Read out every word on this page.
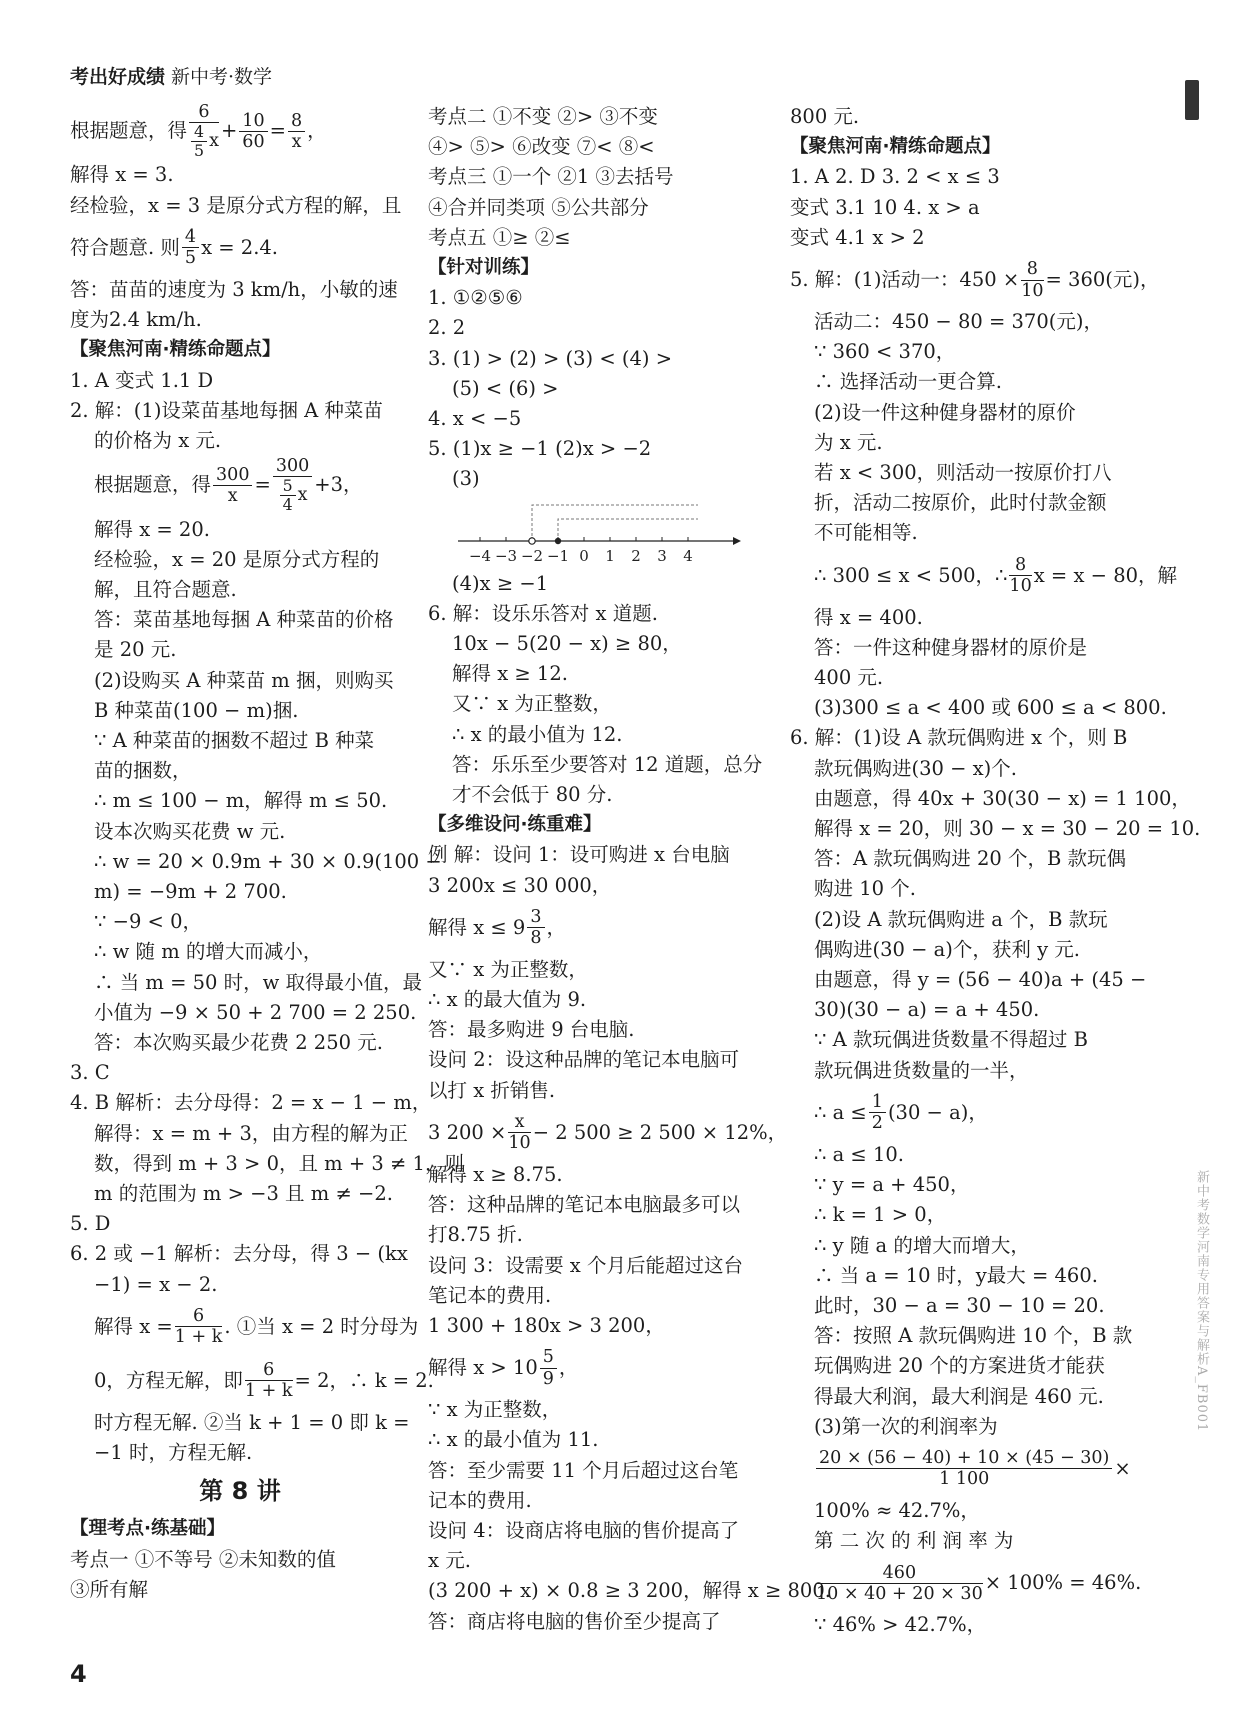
考出好成绩 新中考·数学
根据题意，得
6
$\frac{4}{5}$ $x + \frac{10}{60} = \frac{8}{x}$ ，
解得 x = 3.
经检验，x = 3 是原分式方程的解，且
符合题意. 则 4
5 x = 2.4.
答：苗苗的速度为 3 km/h，小敏的速
度为2.4 km/h.
【聚焦河南·精练命题点】
1. A 变式 1.1 D
2. 解：(1)设菜苗基地每捆 A 种菜苗
的价格为 x 元.
根据题意，得 $\frac{300}{x} = \frac{300}{\frac{5}{4} x} +3$，
解得 x = 20.
经检验，x = 20 是原分式方程的
解，且符合题意.
答：菜苗基地每捆 A 种菜苗的价格
是 20 元.
(2)设购买 A 种菜苗 m 捆，则购买
B 种菜苗(100 − m)捆.
∵ A 种菜苗的捆数不超过 B 种菜
苗的捆数，
∴ m ≤ 100 − m，解得 m ≤ 50.
设本次购买花费 w 元.
∴ w = 20 × 0.9m + 30 × 0.9(100 −
m) = −9m + 2 700.
∵ −9 < 0，
∴ w 随 m 的增大而减小，
∴ 当 m = 50 时，w 取得最小值，最
小值为 −9 × 50 + 2 700 = 2 250.
答：本次购买最少花费 2 250 元.
3. C
4. B 解析：去分母得：2 = x − 1 − m，
解得：x = m + 3，由方程的解为正
数，得到 m + 3 > 0，且 m + 3 ≠ 1，则
m 的范围为 m > −3 且 m ≠ −2.
5. D
6. 2 或 −1 解析：去分母，得 3 − (kx
−1) = x − 2.
解得 $x = \frac{6}{1 + k}$ . ①当 x = 2 时分母为
0，方程无解，即 $\frac{6}{1 + k} = 2$，∴ k = 2.
时方程无解. ②当 k + 1 = 0 即 k =
−1 时，方程无解.
第 8 讲
【理考点·练基础】
考点一 ①不等号 ②未知数的值
③所有解
考点二 ①不变 ②> ③不变
④> ⑤> ⑥改变 ⑦< ⑧<
考点三 ①一个 ②1 ③去括号
④合并同类项 ⑤公共部分
考点五 ①≥ ②≤
【针对训练】
1. ①②⑤⑥
2. 2
3. (1) > (2) > (3) < (4) >
(5) < (6) >
4. x < −5
5. (1)x ≥ −1 (2)x > −2
(3)
−4 −3 −2 −1 0 1 2 3 4
(4)x ≥ −1
6. 解：设乐乐答对 x 道题.
10x − 5(20 − x) ≥ 80，
解得 x ≥ 12.
又∵ x 为正整数，
∴ x 的最小值为 12.
答：乐乐至少要答对 12 道题，总分
才不会低于 80 分.
【多维设问·练重难】
例 解：设问 1：设可购进 x 台电脑
3 200x ≤ 30 000，
解得 x ≤ 9 3
8 ，
又∵ x 为正整数，
∴ x 的最大值为 9.
答：最多购进 9 台电脑.
设问 2：设这种品牌的笔记本电脑可
以打 x 折销售.
3 $200 \times \frac{x}{10} - 2$ 500 ≥ 2 500 × 12%，
解得 x ≥ 8.75.
答：这种品牌的笔记本电脑最多可以
打8.75 折.
设问 3：设需要 x 个月后能超过这台
笔记本的费用.
1 300 + 180x > 3 200，
解得 x > 10 5
9 ，
∵ x 为正整数，
∴ x 的最小值为 11.
答：至少需要 11 个月后超过这台笔
记本的费用.
设问 4：设商店将电脑的售价提高了
x 元.
(3 200 + x) × 0.8 ≥ 3 200，解得 x ≥ 800.
答：商店将电脑的售价至少提高了
800 元.
【聚焦河南·精练命题点】
1. A 2. D 3. 2 < x ≤ 3
变式 3.1 10 4. x > a
变式 4.1 x > 2
5. 解：(1)活动一：$450 \times \frac{8}{10} = 360$(元)，
活动二：450 − 80 = 370(元)，
∵ 360 < 370，
∴ 选择活动一更合算.
(2)设一件这种健身器材的原价
为 x 元.
若 x < 300，则活动一按原价打八
折，活动二按原价，此时付款金额
不可能相等.
∴ 300 ≤ x < 500，∴ 8
10 x = x − 80，解
得 x = 400.
答：一件这种健身器材的原价是
400 元.
(3)300 ≤ a < 400 或 600 ≤ a < 800.
6. 解：(1)设 A 款玩偶购进 x 个，则 B
款玩偶购进(30 − x)个.
由题意，得 40x + 30(30 − x) = 1 100，
解得 x = 20，则 30 − x = 30 − 20 = 10.
答：A 款玩偶购进 20 个，B 款玩偶
购进 10 个.
(2)设 A 款玩偶购进 a 个，B 款玩
偶购进(30 − a)个，获利 y 元.
由题意，得 y = (56 − 40)a + (45 −
30)(30 − a) = a + 450.
∵ A 款玩偶进货数量不得超过 B
款玩偶进货数量的一半，
∴ $a \le \frac{1}{2} (30 - a)$，
∴ a ≤ 10.
∵ y = a + 450，
∴ k = 1 > 0，
∴ y 随 a 的增大而增大，
∴ 当 a = 10 时，y最大 = 460.
此时，30 − a = 30 − 10 = 20.
答：按照 A 款玩偶购进 10 个，B 款
玩偶购进 20 个的方案进货才能获
得最大利润，最大利润是 460 元.
(3)第一次的利润率为
$\frac{20 \times (56 - 40) + 10 \times (45 - 30)}{1 100}$ ×
100% ≈ 42.7%，
第 二 次 的 利 润 率 为
$\frac{460}{10 \times 40 + 20 \times 30} \times 100\% = 46\%$.
∵ 46% > 42.7%，
4
新中考数学河南专用答案与解析A_FB001
